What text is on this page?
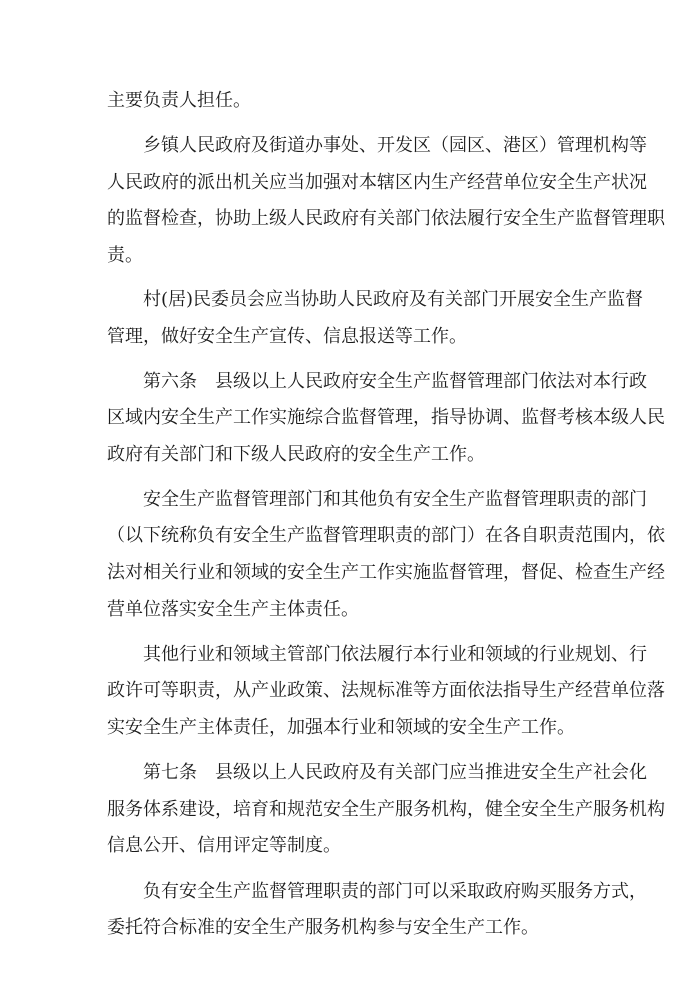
主要负责人担任。
乡镇人民政府及街道办事处、开发区（园区、港区）管理机构等
人民政府的派出机关应当加强对本辖区内生产经营单位安全生产状况
的监督检查，协助上级人民政府有关部门依法履行安全生产监督管理职
责。
村(居)民委员会应当协助人民政府及有关部门开展安全生产监督
管理，做好安全生产宣传、信息报送等工作。
第六条　县级以上人民政府安全生产监督管理部门依法对本行政
区域内安全生产工作实施综合监督管理，指导协调、监督考核本级人民
政府有关部门和下级人民政府的安全生产工作。
安全生产监督管理部门和其他负有安全生产监督管理职责的部门
（以下统称负有安全生产监督管理职责的部门）在各自职责范围内，依
法对相关行业和领域的安全生产工作实施监督管理，督促、检查生产经
营单位落实安全生产主体责任。
其他行业和领域主管部门依法履行本行业和领域的行业规划、行
政许可等职责，从产业政策、法规标准等方面依法指导生产经营单位落
实安全生产主体责任，加强本行业和领域的安全生产工作。
第七条　县级以上人民政府及有关部门应当推进安全生产社会化
服务体系建设，培育和规范安全生产服务机构，健全安全生产服务机构
信息公开、信用评定等制度。
负有安全生产监督管理职责的部门可以采取政府购买服务方式，
委托符合标准的安全生产服务机构参与安全生产工作。
